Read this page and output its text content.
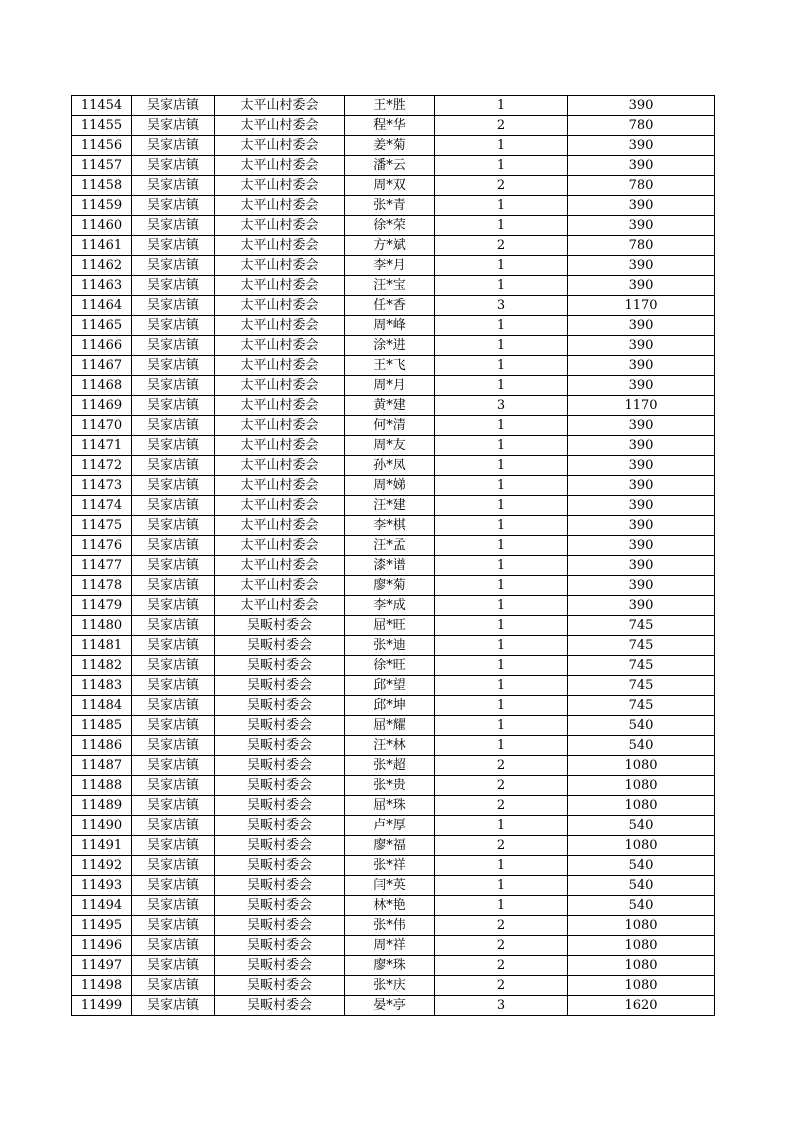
11454	吴家店镇	太平山村委会	王*胜	1	390
11455	吴家店镇	太平山村委会	程*华	2	780
11456	吴家店镇	太平山村委会	姜*菊	1	390
11457	吴家店镇	太平山村委会	潘*云	1	390
11458	吴家店镇	太平山村委会	周*双	2	780
11459	吴家店镇	太平山村委会	张*青	1	390
11460	吴家店镇	太平山村委会	徐*荣	1	390
11461	吴家店镇	太平山村委会	方*斌	2	780
11462	吴家店镇	太平山村委会	李*月	1	390
11463	吴家店镇	太平山村委会	汪*宝	1	390
11464	吴家店镇	太平山村委会	任*香	3	1170
11465	吴家店镇	太平山村委会	周*峰	1	390
11466	吴家店镇	太平山村委会	涂*进	1	390
11467	吴家店镇	太平山村委会	王*飞	1	390
11468	吴家店镇	太平山村委会	周*月	1	390
11469	吴家店镇	太平山村委会	黄*建	3	1170
11470	吴家店镇	太平山村委会	何*清	1	390
11471	吴家店镇	太平山村委会	周*友	1	390
11472	吴家店镇	太平山村委会	孙*凤	1	390
11473	吴家店镇	太平山村委会	周*娣	1	390
11474	吴家店镇	太平山村委会	汪*建	1	390
11475	吴家店镇	太平山村委会	李*棋	1	390
11476	吴家店镇	太平山村委会	汪*孟	1	390
11477	吴家店镇	太平山村委会	漆*谱	1	390
11478	吴家店镇	太平山村委会	廖*菊	1	390
11479	吴家店镇	太平山村委会	李*成	1	390
11480	吴家店镇	吴畈村委会	屈*旺	1	745
11481	吴家店镇	吴畈村委会	张*迪	1	745
11482	吴家店镇	吴畈村委会	徐*旺	1	745
11483	吴家店镇	吴畈村委会	邱*望	1	745
11484	吴家店镇	吴畈村委会	邱*坤	1	745
11485	吴家店镇	吴畈村委会	屈*耀	1	540
11486	吴家店镇	吴畈村委会	汪*林	1	540
11487	吴家店镇	吴畈村委会	张*超	2	1080
11488	吴家店镇	吴畈村委会	张*贵	2	1080
11489	吴家店镇	吴畈村委会	屈*珠	2	1080
11490	吴家店镇	吴畈村委会	卢*厚	1	540
11491	吴家店镇	吴畈村委会	廖*福	2	1080
11492	吴家店镇	吴畈村委会	张*祥	1	540
11493	吴家店镇	吴畈村委会	闫*英	1	540
11494	吴家店镇	吴畈村委会	林*艳	1	540
11495	吴家店镇	吴畈村委会	张*伟	2	1080
11496	吴家店镇	吴畈村委会	周*祥	2	1080
11497	吴家店镇	吴畈村委会	廖*珠	2	1080
11498	吴家店镇	吴畈村委会	张*庆	2	1080
11499	吴家店镇	吴畈村委会	晏*亭	3	1620
